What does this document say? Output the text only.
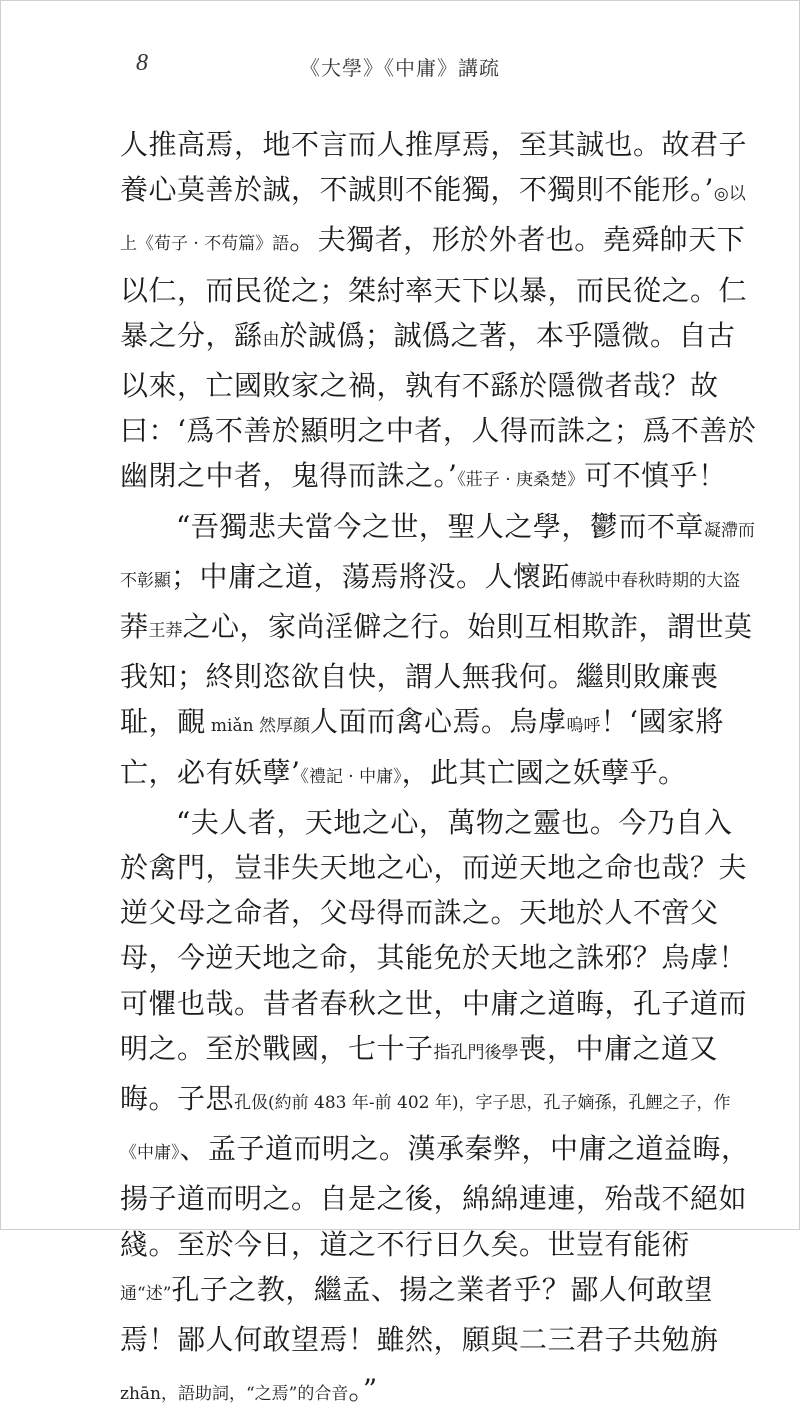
8	《大學》《中庸》講疏

人推高焉，地不言而人推厚焉，至其誠也。故君子養心莫善於誠，不誠則不能獨，不獨則不能形。’◎以上《荀子 · 不苟篇》語。夫獨者，形於外者也。堯舜帥天下以仁，而民從之；桀紂率天下以暴，而民從之。仁暴之分，繇由於誠僞；誠僞之著，本乎隱微。自古以來，亡國敗家之禍，孰有不繇於隱微者哉？故曰：‘爲不善於顯明之中者，人得而誅之；爲不善於幽閉之中者，鬼得而誅之。’《莊子 · 庚桑楚》可不慎乎！

“吾獨悲夫當今之世，聖人之學，鬱而不章凝滯而不彰顯；中庸之道，蕩焉將没。人懷跖傳説中春秋時期的大盗莽王莽之心，家尚淫僻之行。始則互相欺詐，謂世莫我知；終則恣欲自快，謂人無我何。繼則敗廉喪耻，靦 miǎn 然厚顔人面而禽心焉。烏虖嗚呼！‘國家將亡，必有妖孽’《禮記 · 中庸》，此其亡國之妖孽乎。

“夫人者，天地之心，萬物之靈也。今乃自入於禽門，豈非失天地之心，而逆天地之命也哉？夫逆父母之命者，父母得而誅之。天地於人不啻父母，今逆天地之命，其能免於天地之誅邪？烏虖！可懼也哉。昔者春秋之世，中庸之道晦，孔子道而明之。至於戰國，七十子指孔門後學喪，中庸之道又晦。子思孔伋(約前 483 年-前 402 年)，字子思，孔子嫡孫，孔鯉之子，作《中庸》、孟子道而明之。漢承秦弊，中庸之道益晦，揚子道而明之。自是之後，綿綿連連，殆哉不絕如綫。至於今日，道之不行日久矣。世豈有能術通“述”孔子之教，繼孟、揚之業者乎？鄙人何敢望焉！鄙人何敢望焉！雖然，願與二三君子共勉旃 zhān，語助詞，“之焉”的合音。”
